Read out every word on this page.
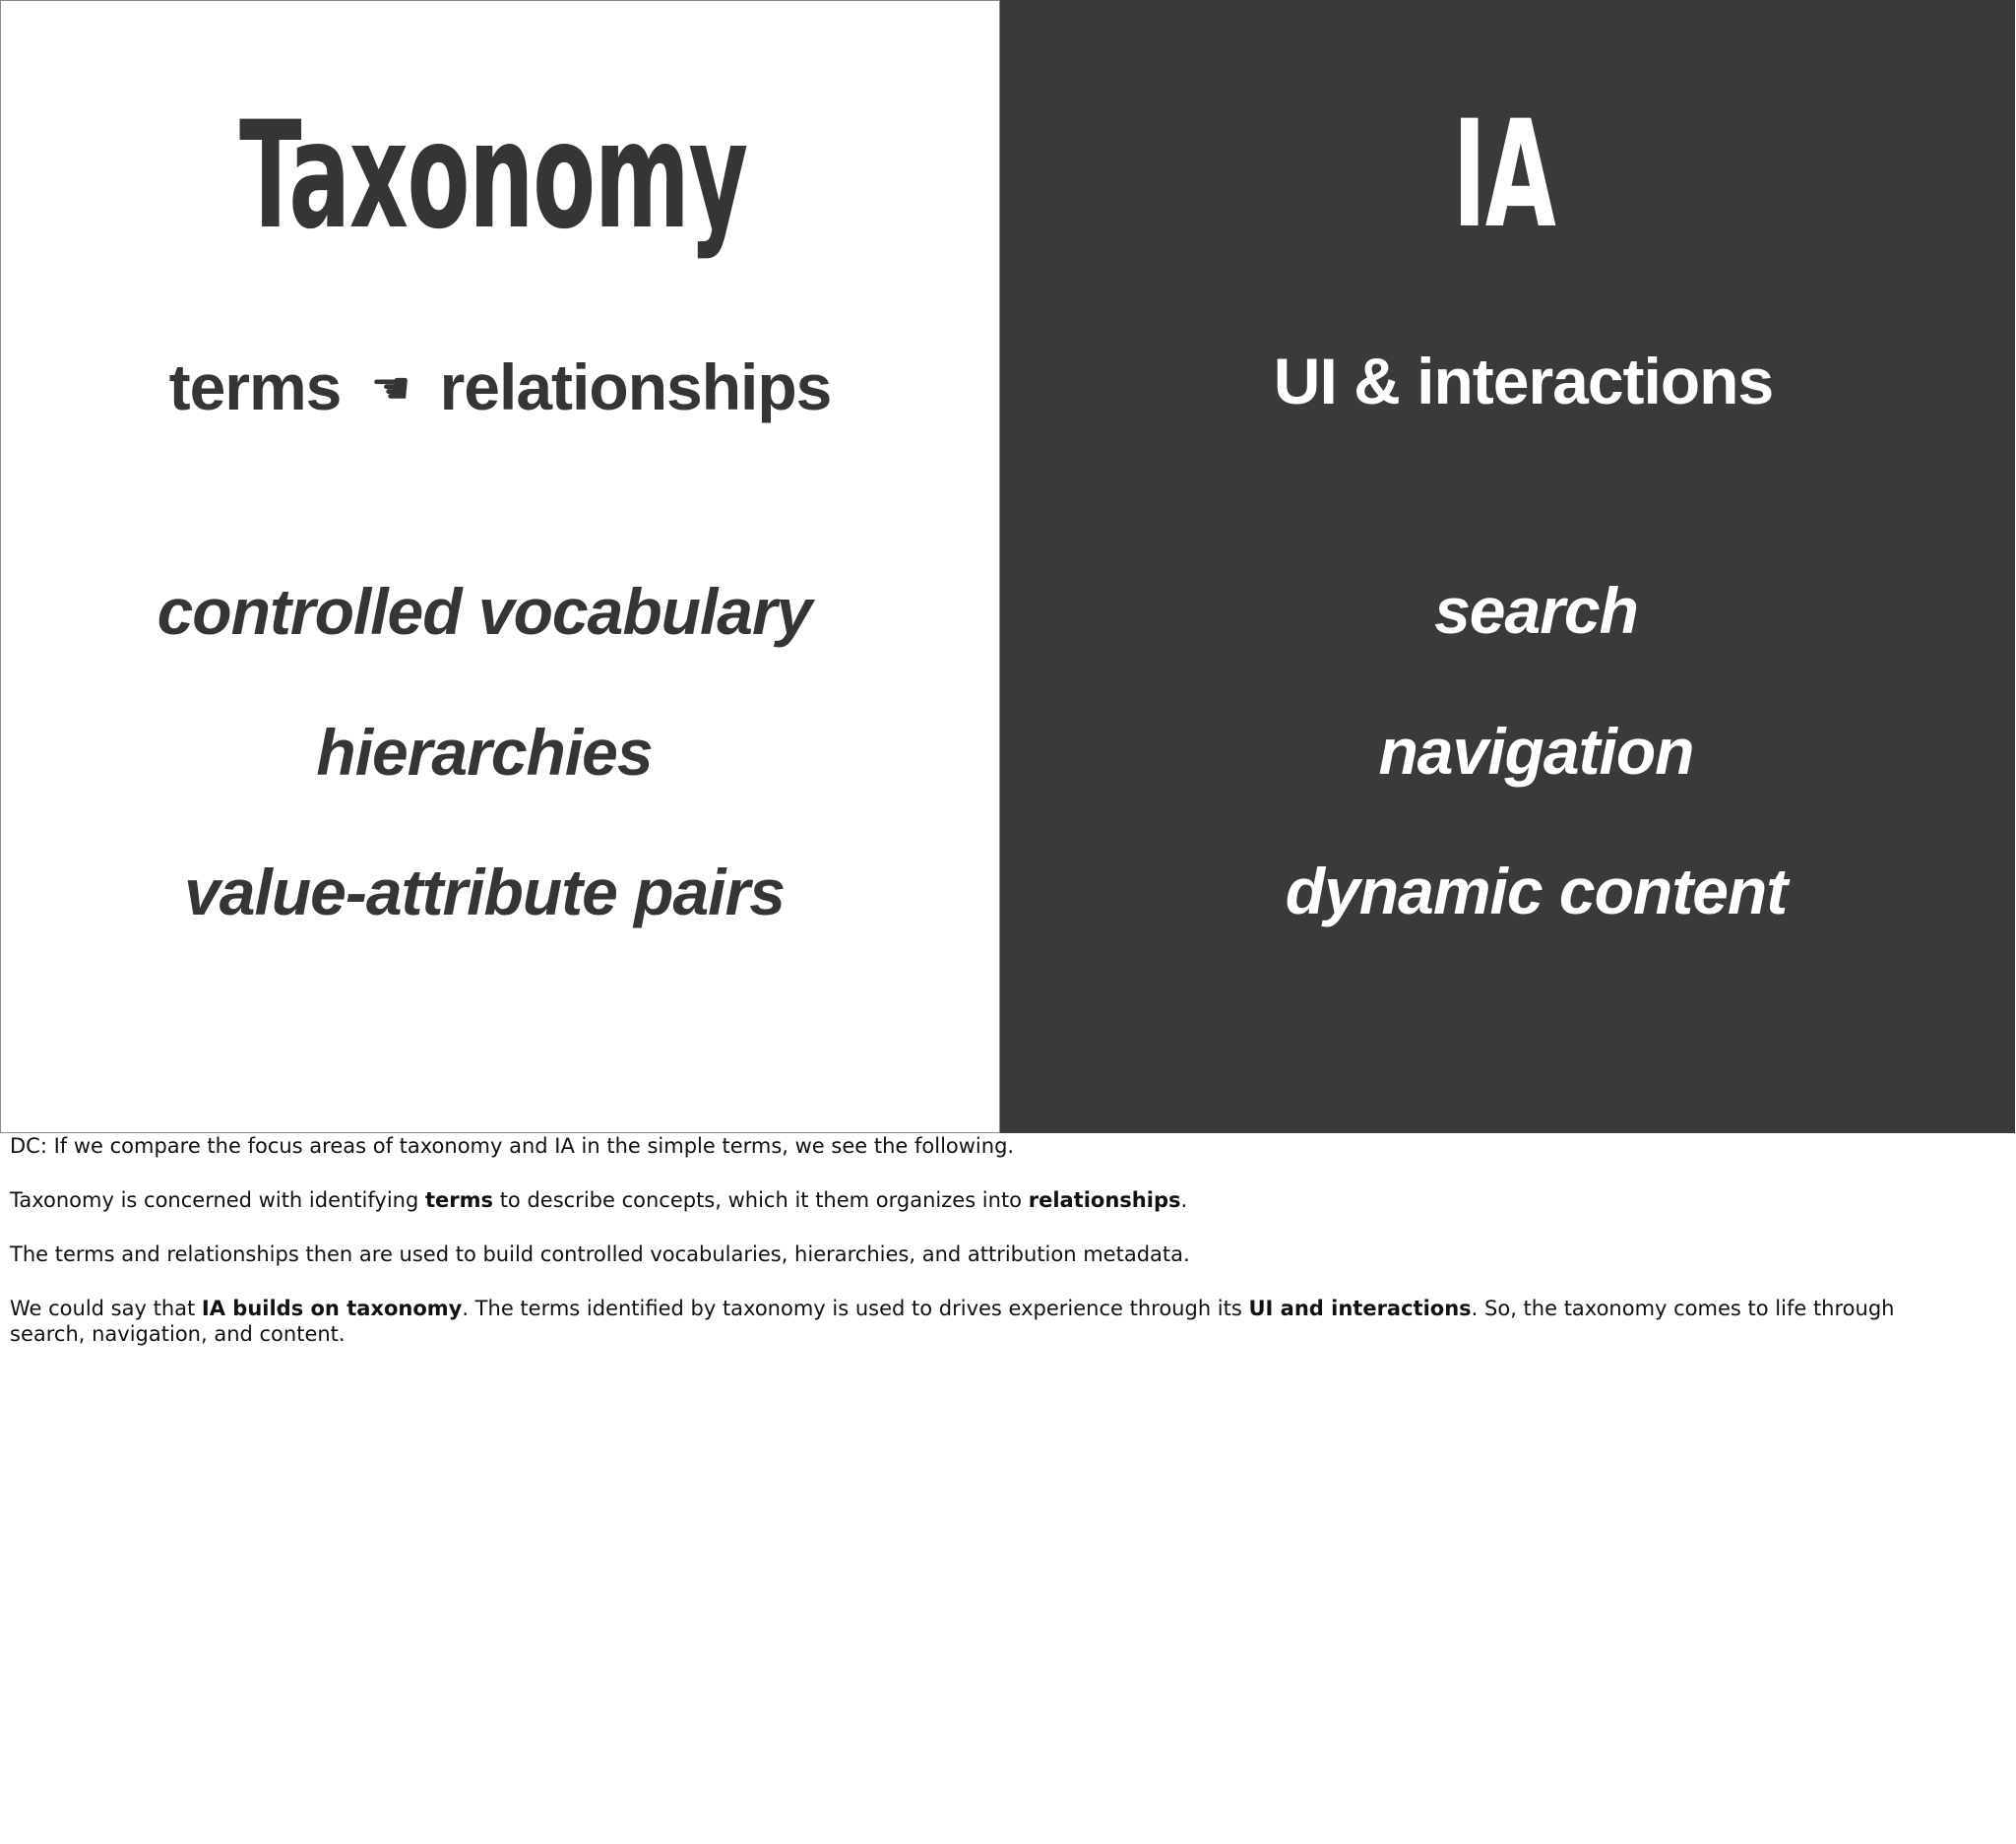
Taxonomy
terms ☚ relationships
controlled vocabulary
hierarchies
value-attribute pairs
IA
UI & interactions
search
navigation
dynamic content

DC: If we compare the focus areas of taxonomy and IA in the simple terms, we see the following.

Taxonomy is concerned with identifying terms to describe concepts, which it them organizes into relationships.

The terms and relationships then are used to build controlled vocabularies, hierarchies, and attribution metadata.

We could say that IA builds on taxonomy. The terms identified by taxonomy is used to drives experience through its UI and interactions. So, the taxonomy comes to life through search, navigation, and content.
